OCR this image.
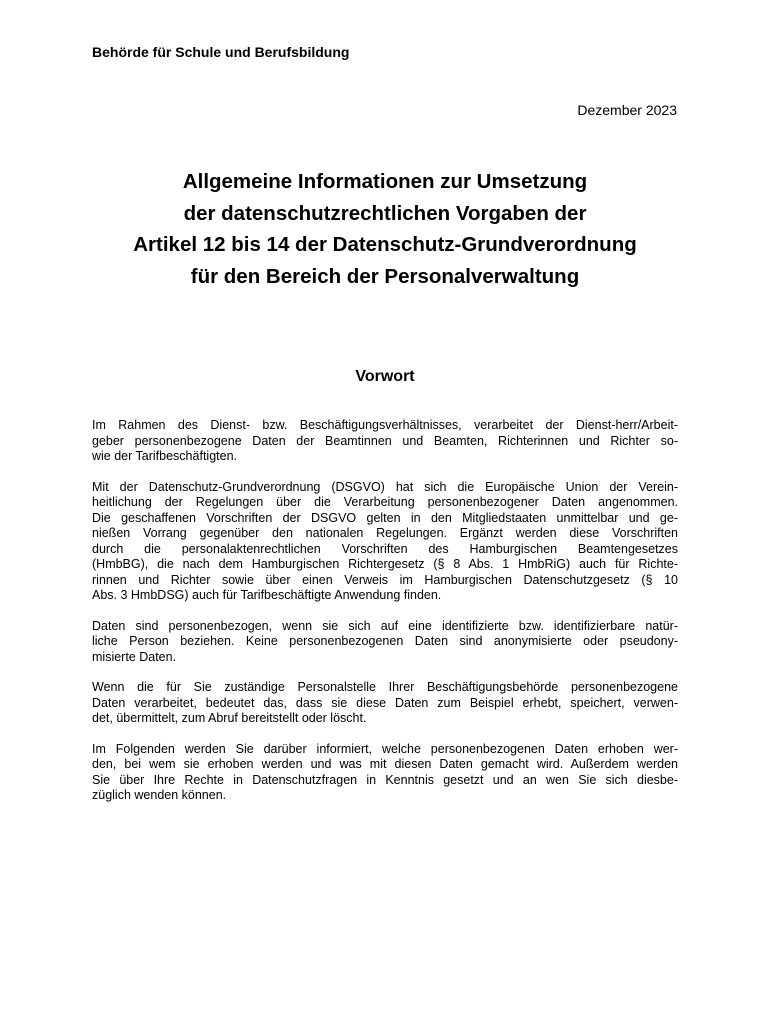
Behörde für Schule und Berufsbildung

Dezember 2023

Allgemeine Informationen zur Umsetzung
der datenschutzrechtlichen Vorgaben der
Artikel 12 bis 14 der Datenschutz-Grundverordnung
für den Bereich der Personalverwaltung
Vorwort

Im Rahmen des Dienst- bzw. Beschäftigungsverhältnisses, verarbeitet der Dienst-herr/Arbeit-
geber personenbezogene Daten der Beamtinnen und Beamten, Richterinnen und Richter so-
wie der Tarifbeschäftigten.

Mit der Datenschutz-Grundverordnung (DSGVO) hat sich die Europäische Union der Verein-
heitlichung der Regelungen über die Verarbeitung personenbezogener Daten angenommen.
Die geschaffenen Vorschriften der DSGVO gelten in den Mitgliedstaaten unmittelbar und ge-
nießen Vorrang gegenüber den nationalen Regelungen. Ergänzt werden diese Vorschriften
durch die personalaktenrechtlichen Vorschriften des Hamburgischen Beamtengesetzes
(HmbBG), die nach dem Hamburgischen Richtergesetz (§ 8 Abs. 1 HmbRiG) auch für Richte-
rinnen und Richter sowie über einen Verweis im Hamburgischen Datenschutzgesetz (§ 10
Abs. 3 HmbDSG) auch für Tarifbeschäftigte Anwendung finden.

Daten sind personenbezogen, wenn sie sich auf eine identifizierte bzw. identifizierbare natür-
liche Person beziehen. Keine personenbezogenen Daten sind anonymisierte oder pseudony-
misierte Daten.

Wenn die für Sie zuständige Personalstelle Ihrer Beschäftigungsbehörde personenbezogene
Daten verarbeitet, bedeutet das, dass sie diese Daten zum Beispiel erhebt, speichert, verwen-
det, übermittelt, zum Abruf bereitstellt oder löscht.

Im Folgenden werden Sie darüber informiert, welche personenbezogenen Daten erhoben wer-
den, bei wem sie erhoben werden und was mit diesen Daten gemacht wird. Außerdem werden
Sie über Ihre Rechte in Datenschutzfragen in Kenntnis gesetzt und an wen Sie sich diesbe-
züglich wenden können.
